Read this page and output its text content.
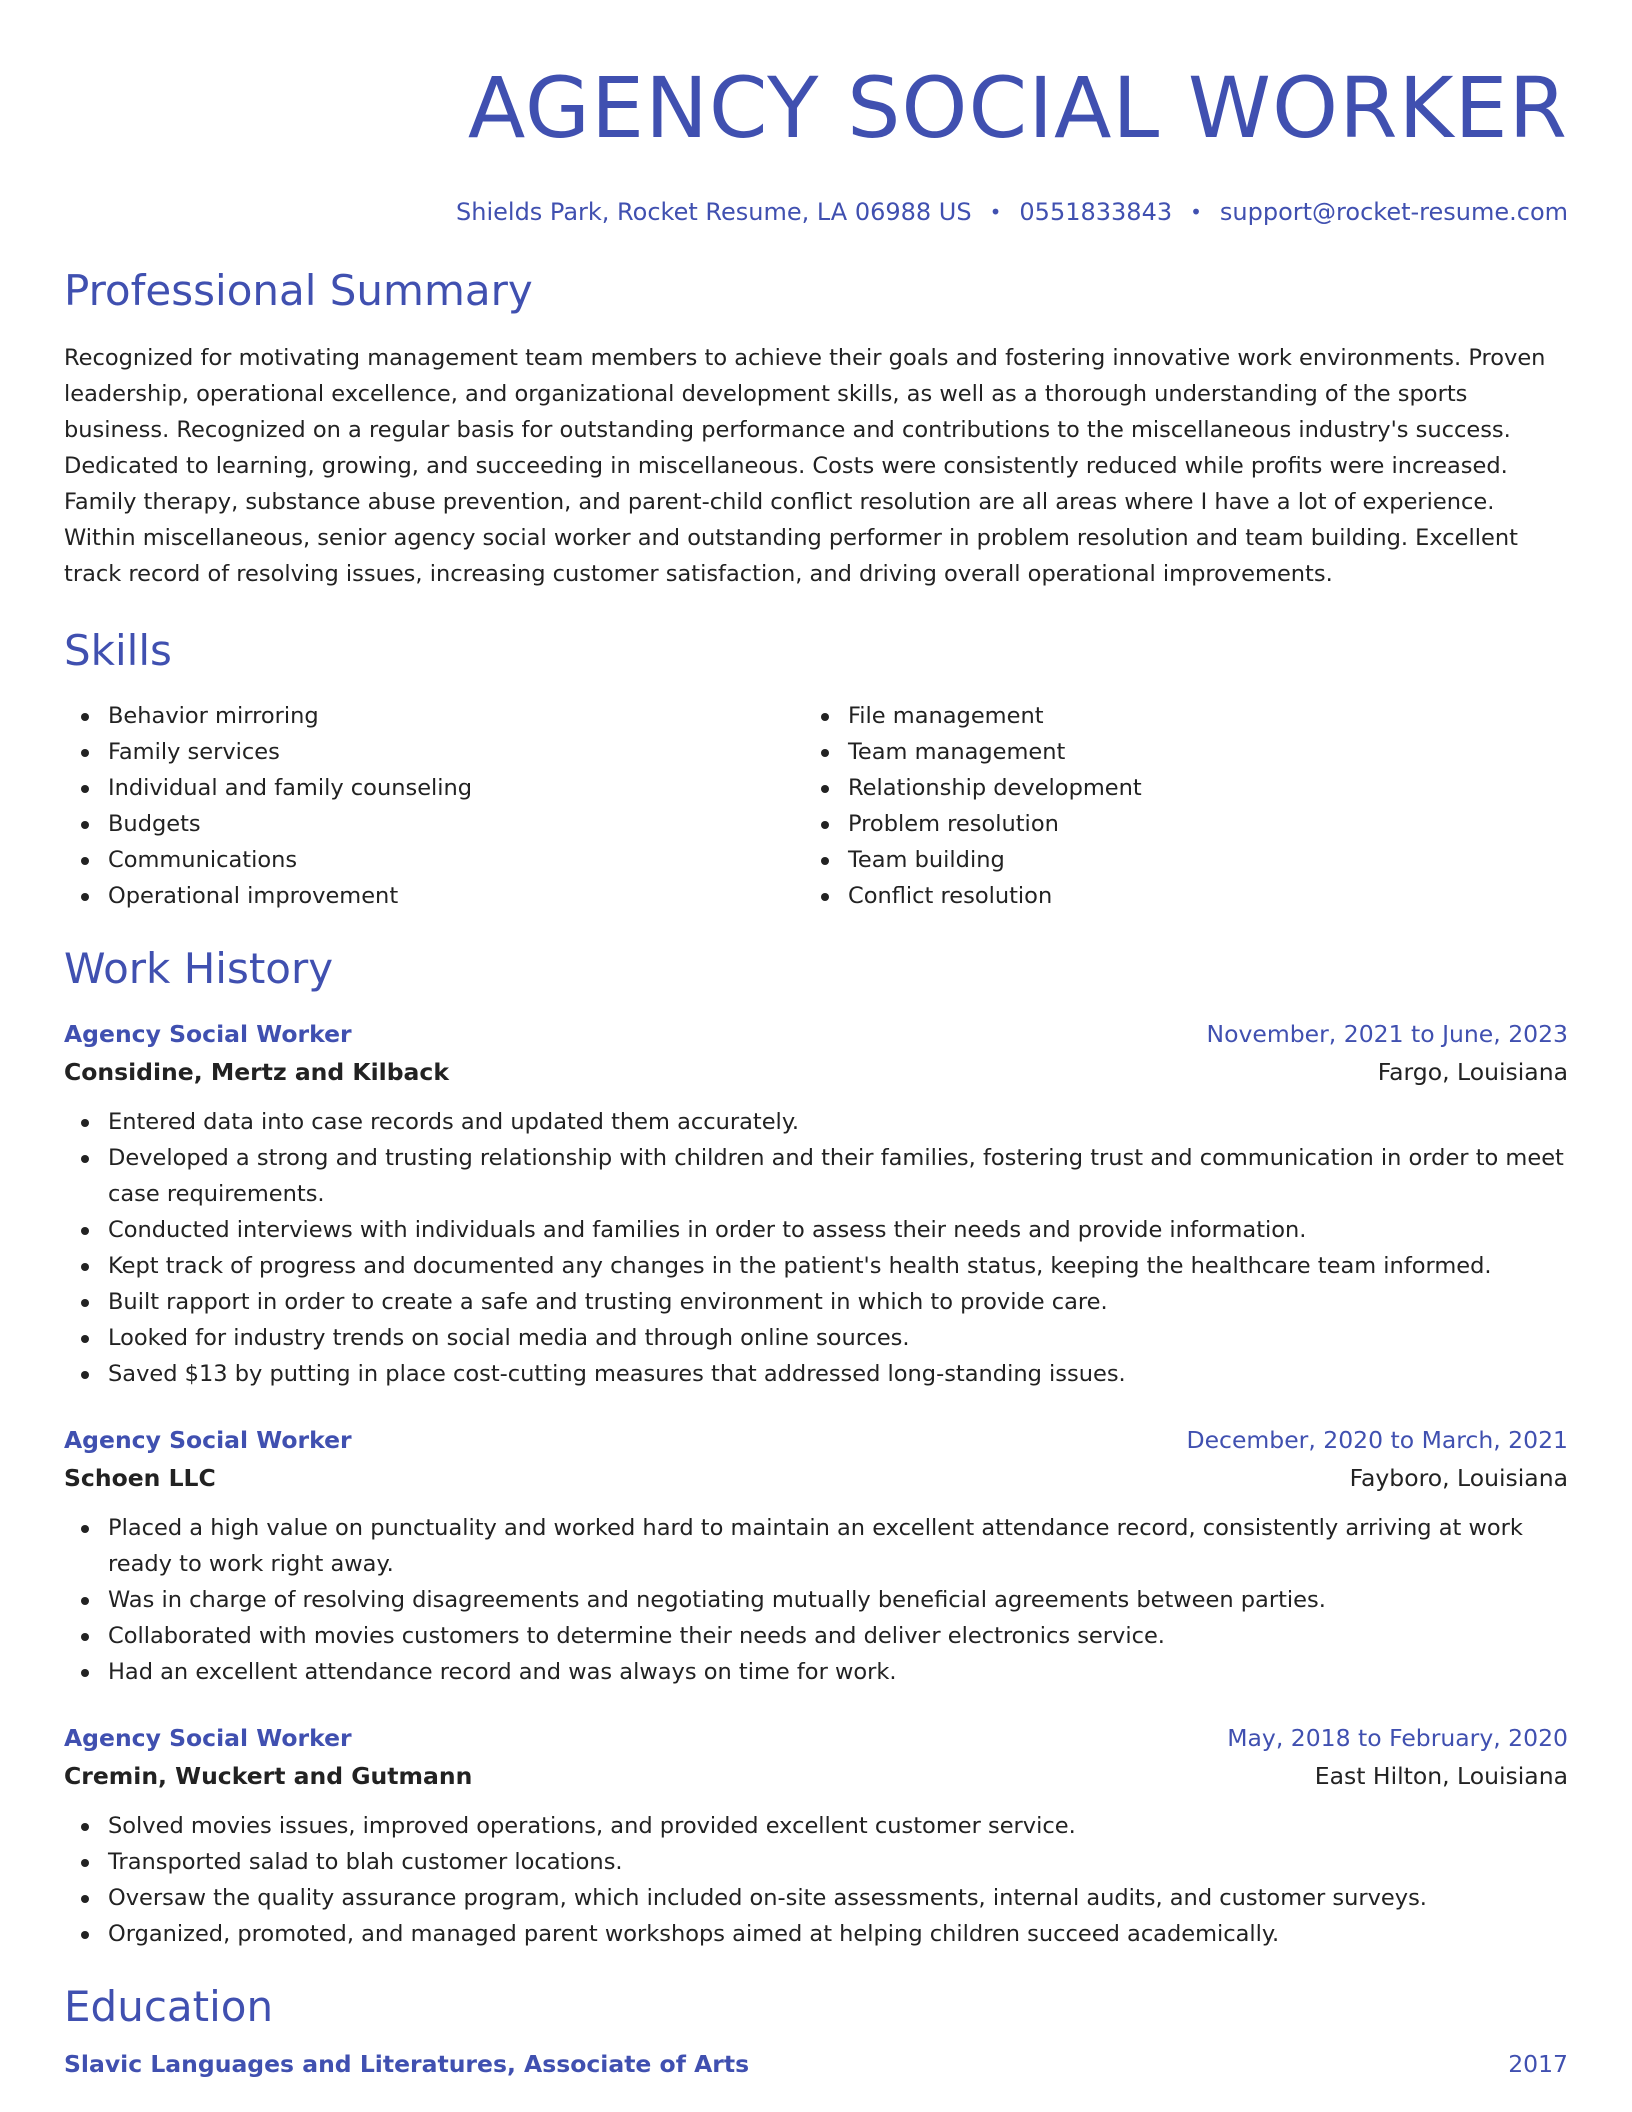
AGENCY SOCIAL WORKER
Shields Park, Rocket Resume, LA 06988 US • 0551833843 • support@rocket-resume.com
Professional Summary

Recognized for motivating management team members to achieve their goals and fostering innovative work environments. Proven leadership, operational excellence, and organizational development skills, as well as a thorough understanding of the sports business. Recognized on a regular basis for outstanding performance and contributions to the miscellaneous industry's success. Dedicated to learning, growing, and succeeding in miscellaneous. Costs were consistently reduced while profits were increased. Family therapy, substance abuse prevention, and parent-child conflict resolution are all areas where I have a lot of experience. Within miscellaneous, senior agency social worker and outstanding performer in problem resolution and team building. Excellent track record of resolving issues, increasing customer satisfaction, and driving overall operational improvements.

Skills
Behavior mirroring
Family services
Individual and family counseling
Budgets
Communications
Operational improvement
File management
Team management
Relationship development
Problem resolution
Team building
Conflict resolution
Work History
Agency Social Worker	November, 2021 to June, 2023
Considine, Mertz and Kilback	Fargo, Louisiana
Entered data into case records and updated them accurately.
Developed a strong and trusting relationship with children and their families, fostering trust and communication in order to meet case requirements.
Conducted interviews with individuals and families in order to assess their needs and provide information.
Kept track of progress and documented any changes in the patient's health status, keeping the healthcare team informed.
Built rapport in order to create a safe and trusting environment in which to provide care.
Looked for industry trends on social media and through online sources.
Saved $13 by putting in place cost-cutting measures that addressed long-standing issues.
Agency Social Worker	December, 2020 to March, 2021
Schoen LLC	Fayboro, Louisiana
Placed a high value on punctuality and worked hard to maintain an excellent attendance record, consistently arriving at work ready to work right away.
Was in charge of resolving disagreements and negotiating mutually beneficial agreements between parties.
Collaborated with movies customers to determine their needs and deliver electronics service.
Had an excellent attendance record and was always on time for work.
Agency Social Worker	May, 2018 to February, 2020
Cremin, Wuckert and Gutmann	East Hilton, Louisiana
Solved movies issues, improved operations, and provided excellent customer service.
Transported salad to blah customer locations.
Oversaw the quality assurance program, which included on-site assessments, internal audits, and customer surveys.
Organized, promoted, and managed parent workshops aimed at helping children succeed academically.
Education
Slavic Languages and Literatures, Associate of Arts	2017
